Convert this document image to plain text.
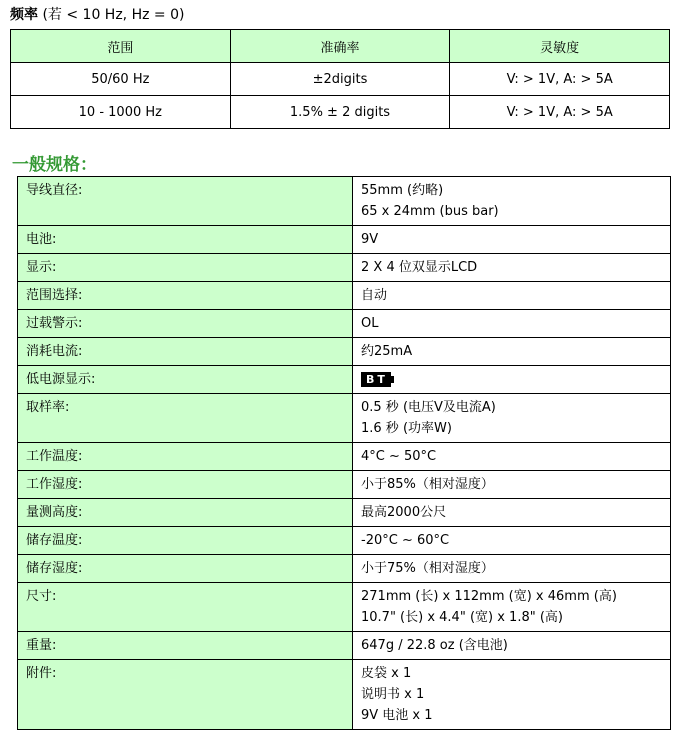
频率 (若 < 10 Hz, Hz = 0)
范围	准确率	灵敏度
50/60 Hz	±2digits	V: > 1V, A: > 5A
10 - 1000 Hz	1.5% ± 2 digits	V: > 1V, A: > 5A
一般规格：
导线直径:	55mm (约略)
65 x 24mm (bus bar)

电池:	9V

显示:	2 X 4 位双显示LCD

范围选择:	自动

过载警示:	OL

消耗电流:	约25mA

低电源显示:	BT
取样率:	0.5 秒 (电压V及电流A)
1.6 秒 (功率W)

工作温度:	4°C ~ 50°C

工作湿度:	小于85%（相对湿度）

量测高度:	最高2000公尺

储存温度:	-20°C ~ 60°C

储存湿度:	小于75%（相对湿度）

尺寸:	271mm (长) x 112mm (宽) x 46mm (高)
10.7" (长) x 4.4" (宽) x 1.8" (高)

重量:	647g / 22.8 oz (含电池)

附件:	皮袋 x 1
说明书 x 1
9V 电池 x 1
